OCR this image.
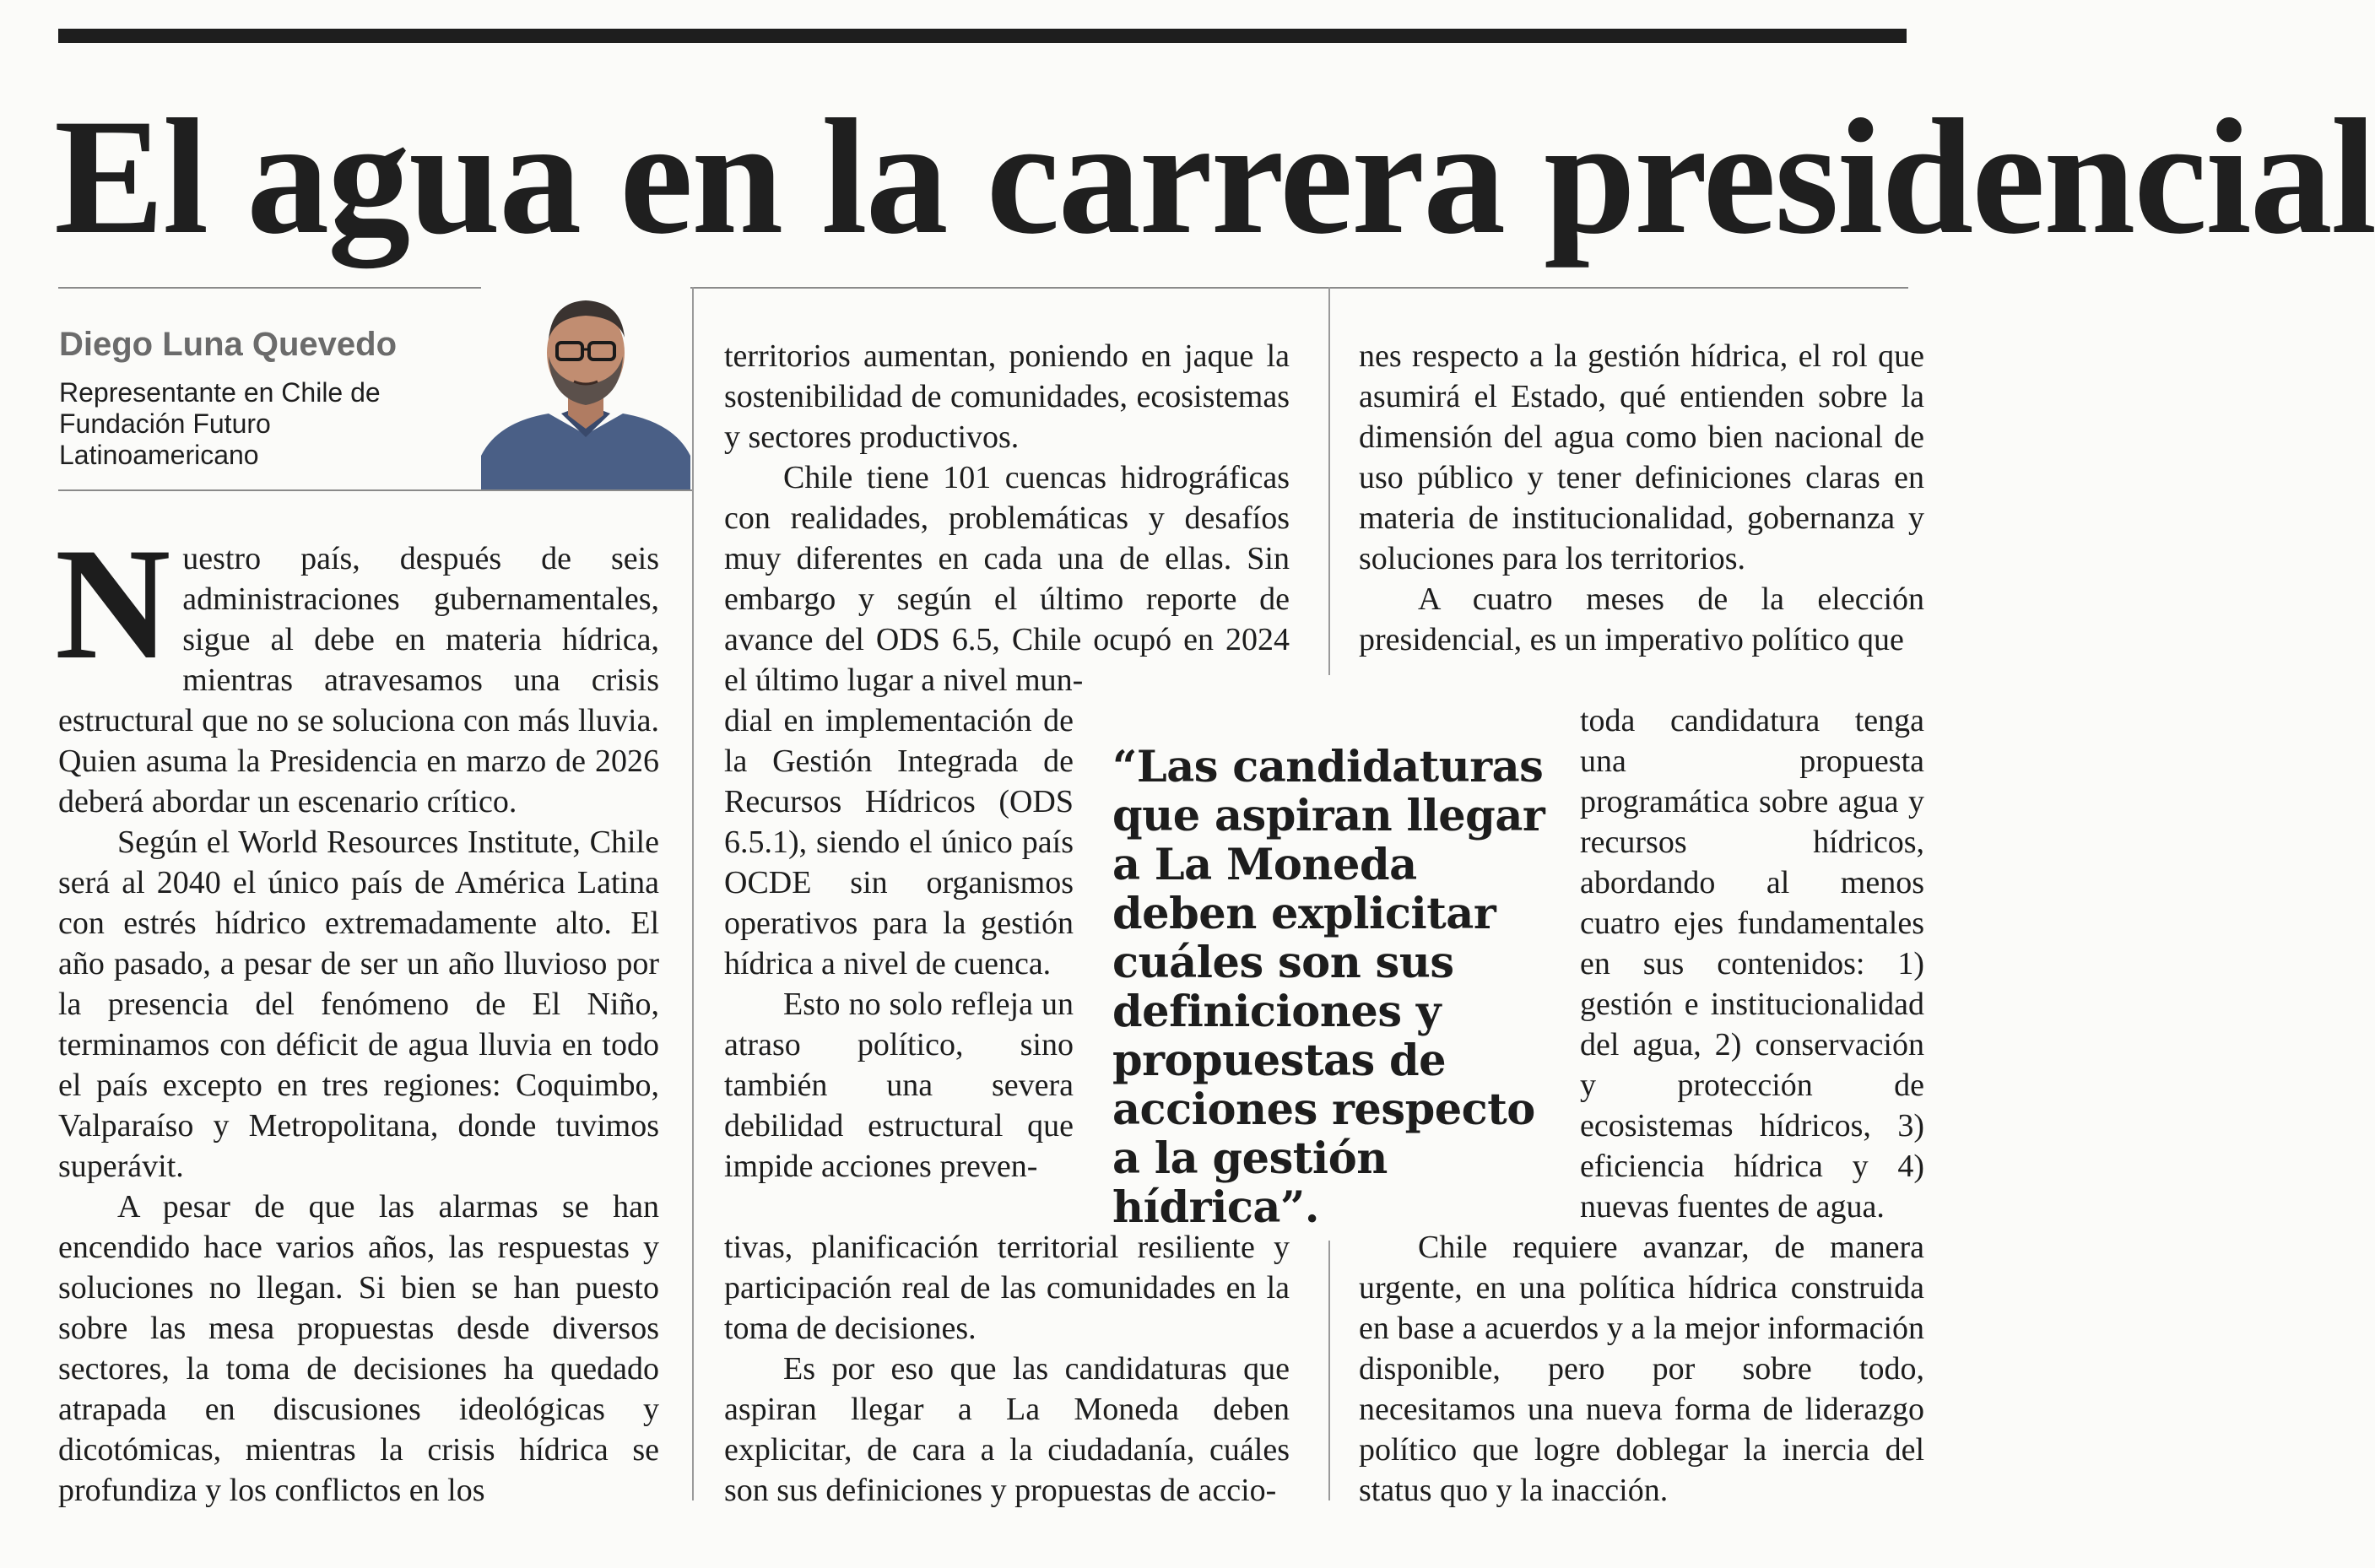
El agua en la carrera presidencial
Diego Luna Quevedo
Representante en Chile de
Fundación Futuro
Latinoamericano

Nuestro país, después de seis administraciones gubernamentales, sigue al debe en materia hídrica, mientras atravesamos una crisis estructural que no se soluciona con más lluvia. Quien asuma la Presidencia en marzo de 2026 deberá abordar un escenario crítico.

Según el World Resources Institute, Chile será al 2040 el único país de América Latina con estrés hídrico extremadamente alto. El año pasado, a pesar de ser un año lluvioso por la presencia del fenómeno de El Niño, terminamos con déficit de agua lluvia en todo el país excepto en tres regiones: Coquimbo, Valparaíso y Metropolitana, donde tuvimos superávit.

A pesar de que las alarmas se han encendido hace varios años, las respuestas y soluciones no llegan. Si bien se han puesto sobre las mesa propuestas desde diversos sectores, la toma de decisiones ha quedado atrapada en discusiones ideológicas y dicotómicas, mientras la crisis hídrica se profundiza y los conflictos en los

territorios aumentan, poniendo en jaque la sostenibilidad de comunidades, ecosistemas y sectores productivos.

Chile tiene 101 cuencas hidrográficas con realidades, problemáticas y desafíos muy diferentes en cada una de ellas. Sin embargo y según el último reporte de avance del ODS 6.5, Chile ocupó en 2024 el último lugar a nivel mun-

dial en implementación de la Gestión Integrada de Recursos Hídricos (ODS 6.5.1), siendo el único país OCDE sin organismos operativos para la gestión hídrica a nivel de cuenca.

Esto no solo refleja un atraso político, sino también una severa debilidad estructural que impide acciones preven-

tivas, planificación territorial resiliente y participación real de las comunidades en la toma de decisiones.

Es por eso que las candidaturas que aspiran llegar a La Moneda deben explicitar, de cara a la ciudadanía, cuáles son sus definiciones y propuestas de accio-

nes respecto a la gestión hídrica, el rol que asumirá el Estado, qué entienden sobre la dimensión del agua como bien nacional de uso público y tener definiciones claras en materia de institucionalidad, gobernanza y soluciones para los territorios.

A cuatro meses de la elección presidencial, es un imperativo político que

toda candidatura tenga una propuesta programática sobre agua y recursos hídricos, abordando al menos cuatro ejes fundamentales en sus contenidos: 1) gestión e institucionalidad del agua, 2) conservación y protección de ecosistemas hídricos, 3) eficiencia hídrica y 4) nuevas fuentes de agua.

Chile requiere avanzar, de manera urgente, en una política hídrica construida en base a acuerdos y a la mejor información disponible, pero por sobre todo, necesitamos una nueva forma de liderazgo político que logre doblegar la inercia del status quo y la inacción.

“Las candidaturas que aspiran llegar a La Moneda deben explicitar cuáles son sus definiciones y propuestas de acciones respecto a la gestión hídrica”.
